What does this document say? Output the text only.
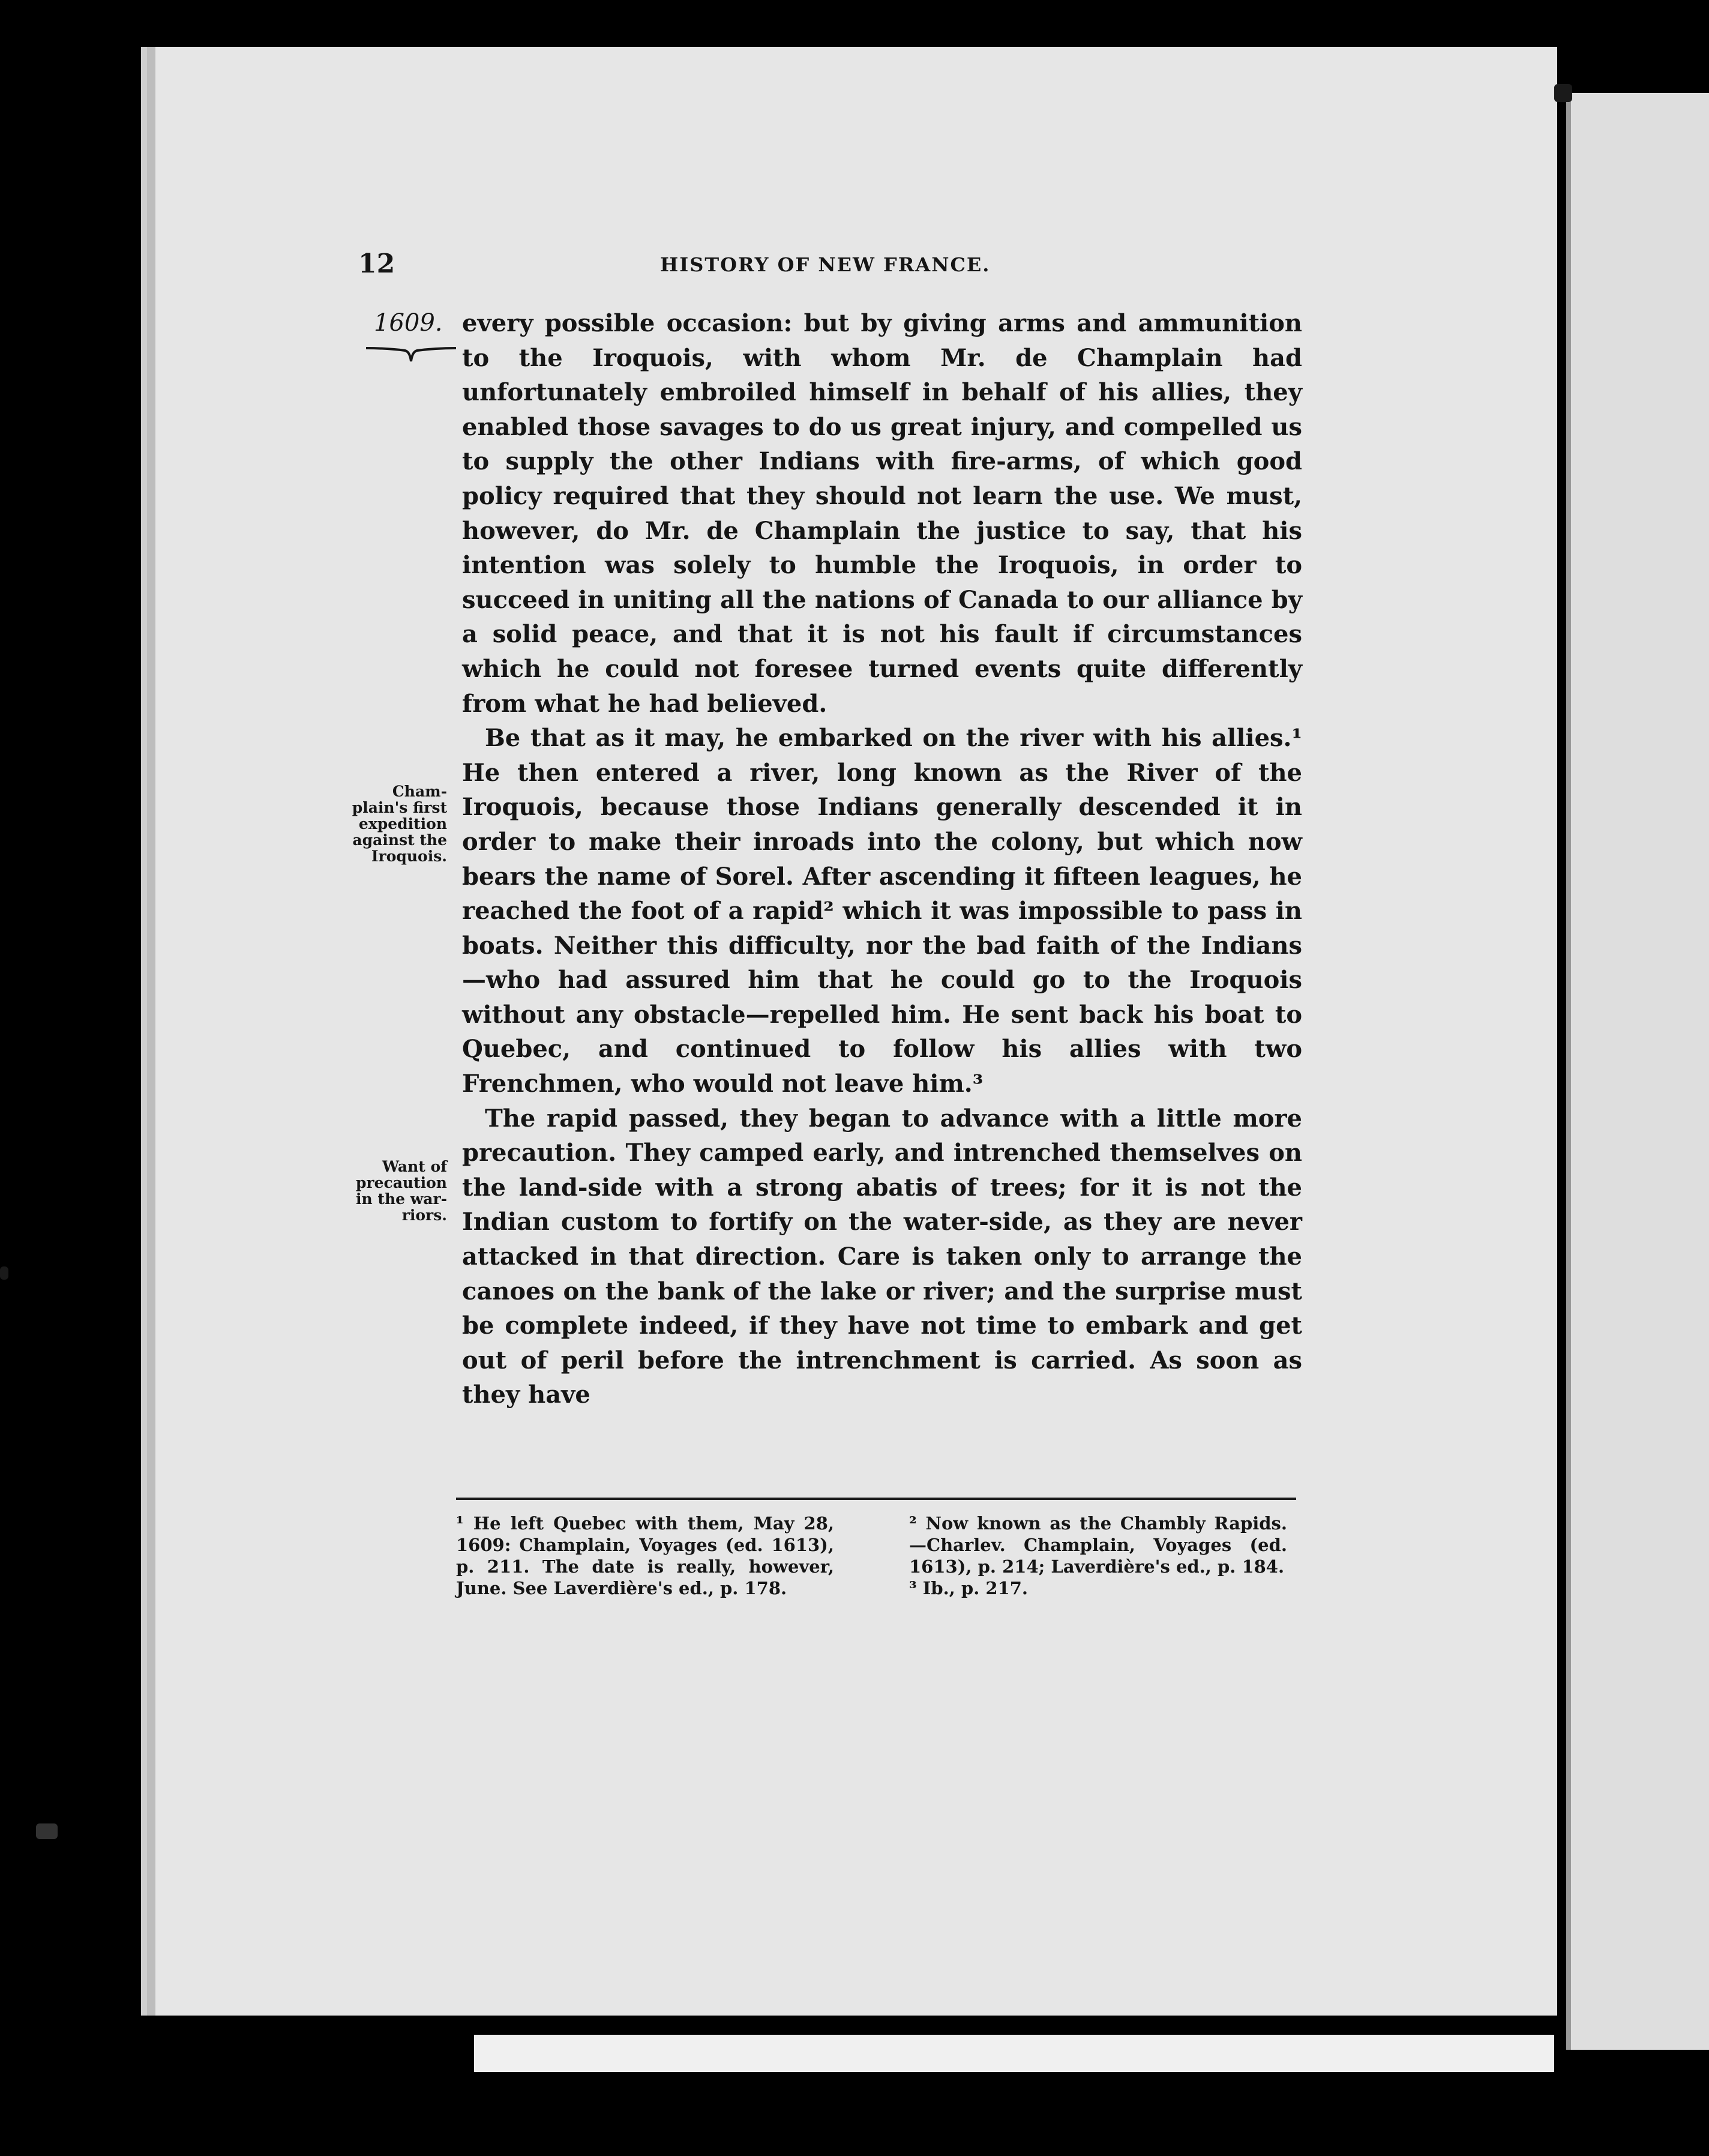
12	HISTORY OF NEW FRANCE.
1609.
Cham-
plain's first
expedition
against the
Iroquois.
Want of
precaution
in the war-
riors.

every possible occasion: but by giving arms and ammunition to the Iroquois, with whom Mr. de Champlain had unfortunately embroiled himself in behalf of his allies, they enabled those savages to do us great injury, and compelled us to supply the other Indians with fire-arms, of which good policy required that they should not learn the use. We must, however, do Mr. de Champlain the justice to say, that his intention was solely to humble the Iroquois, in order to succeed in uniting all the nations of Canada to our alliance by a solid peace, and that it is not his fault if circumstances which he could not foresee turned events quite differently from what he had believed.

Be that as it may, he embarked on the river with his allies.¹ He then entered a river, long known as the River of the Iroquois, because those Indians generally descended it in order to make their inroads into the colony, but which now bears the name of Sorel. After ascending it fifteen leagues, he reached the foot of a rapid² which it was impossible to pass in boats. Neither this difficulty, nor the bad faith of the Indians—who had assured him that he could go to the Iroquois without any obstacle—repelled him. He sent back his boat to Quebec, and continued to follow his allies with two Frenchmen, who would not leave him.³

The rapid passed, they began to advance with a little more precaution. They camped early, and intrenched themselves on the land-side with a strong abatis of trees; for it is not the Indian custom to fortify on the water-side, as they are never attacked in that direction. Care is taken only to arrange the canoes on the bank of the lake or river; and the surprise must be complete indeed, if they have not time to embark and get out of peril before the intrenchment is carried. As soon as they have

¹ He left Quebec with them, May 28, 1609: Champlain, Voyages (ed. 1613), p. 211. The date is really, however, June. See Laverdière's ed., p. 178.

² Now known as the Chambly Rapids.—Charlev. Champlain, Voyages (ed. 1613), p. 214; Laverdière's ed., p. 184.

³ Ib., p. 217.
